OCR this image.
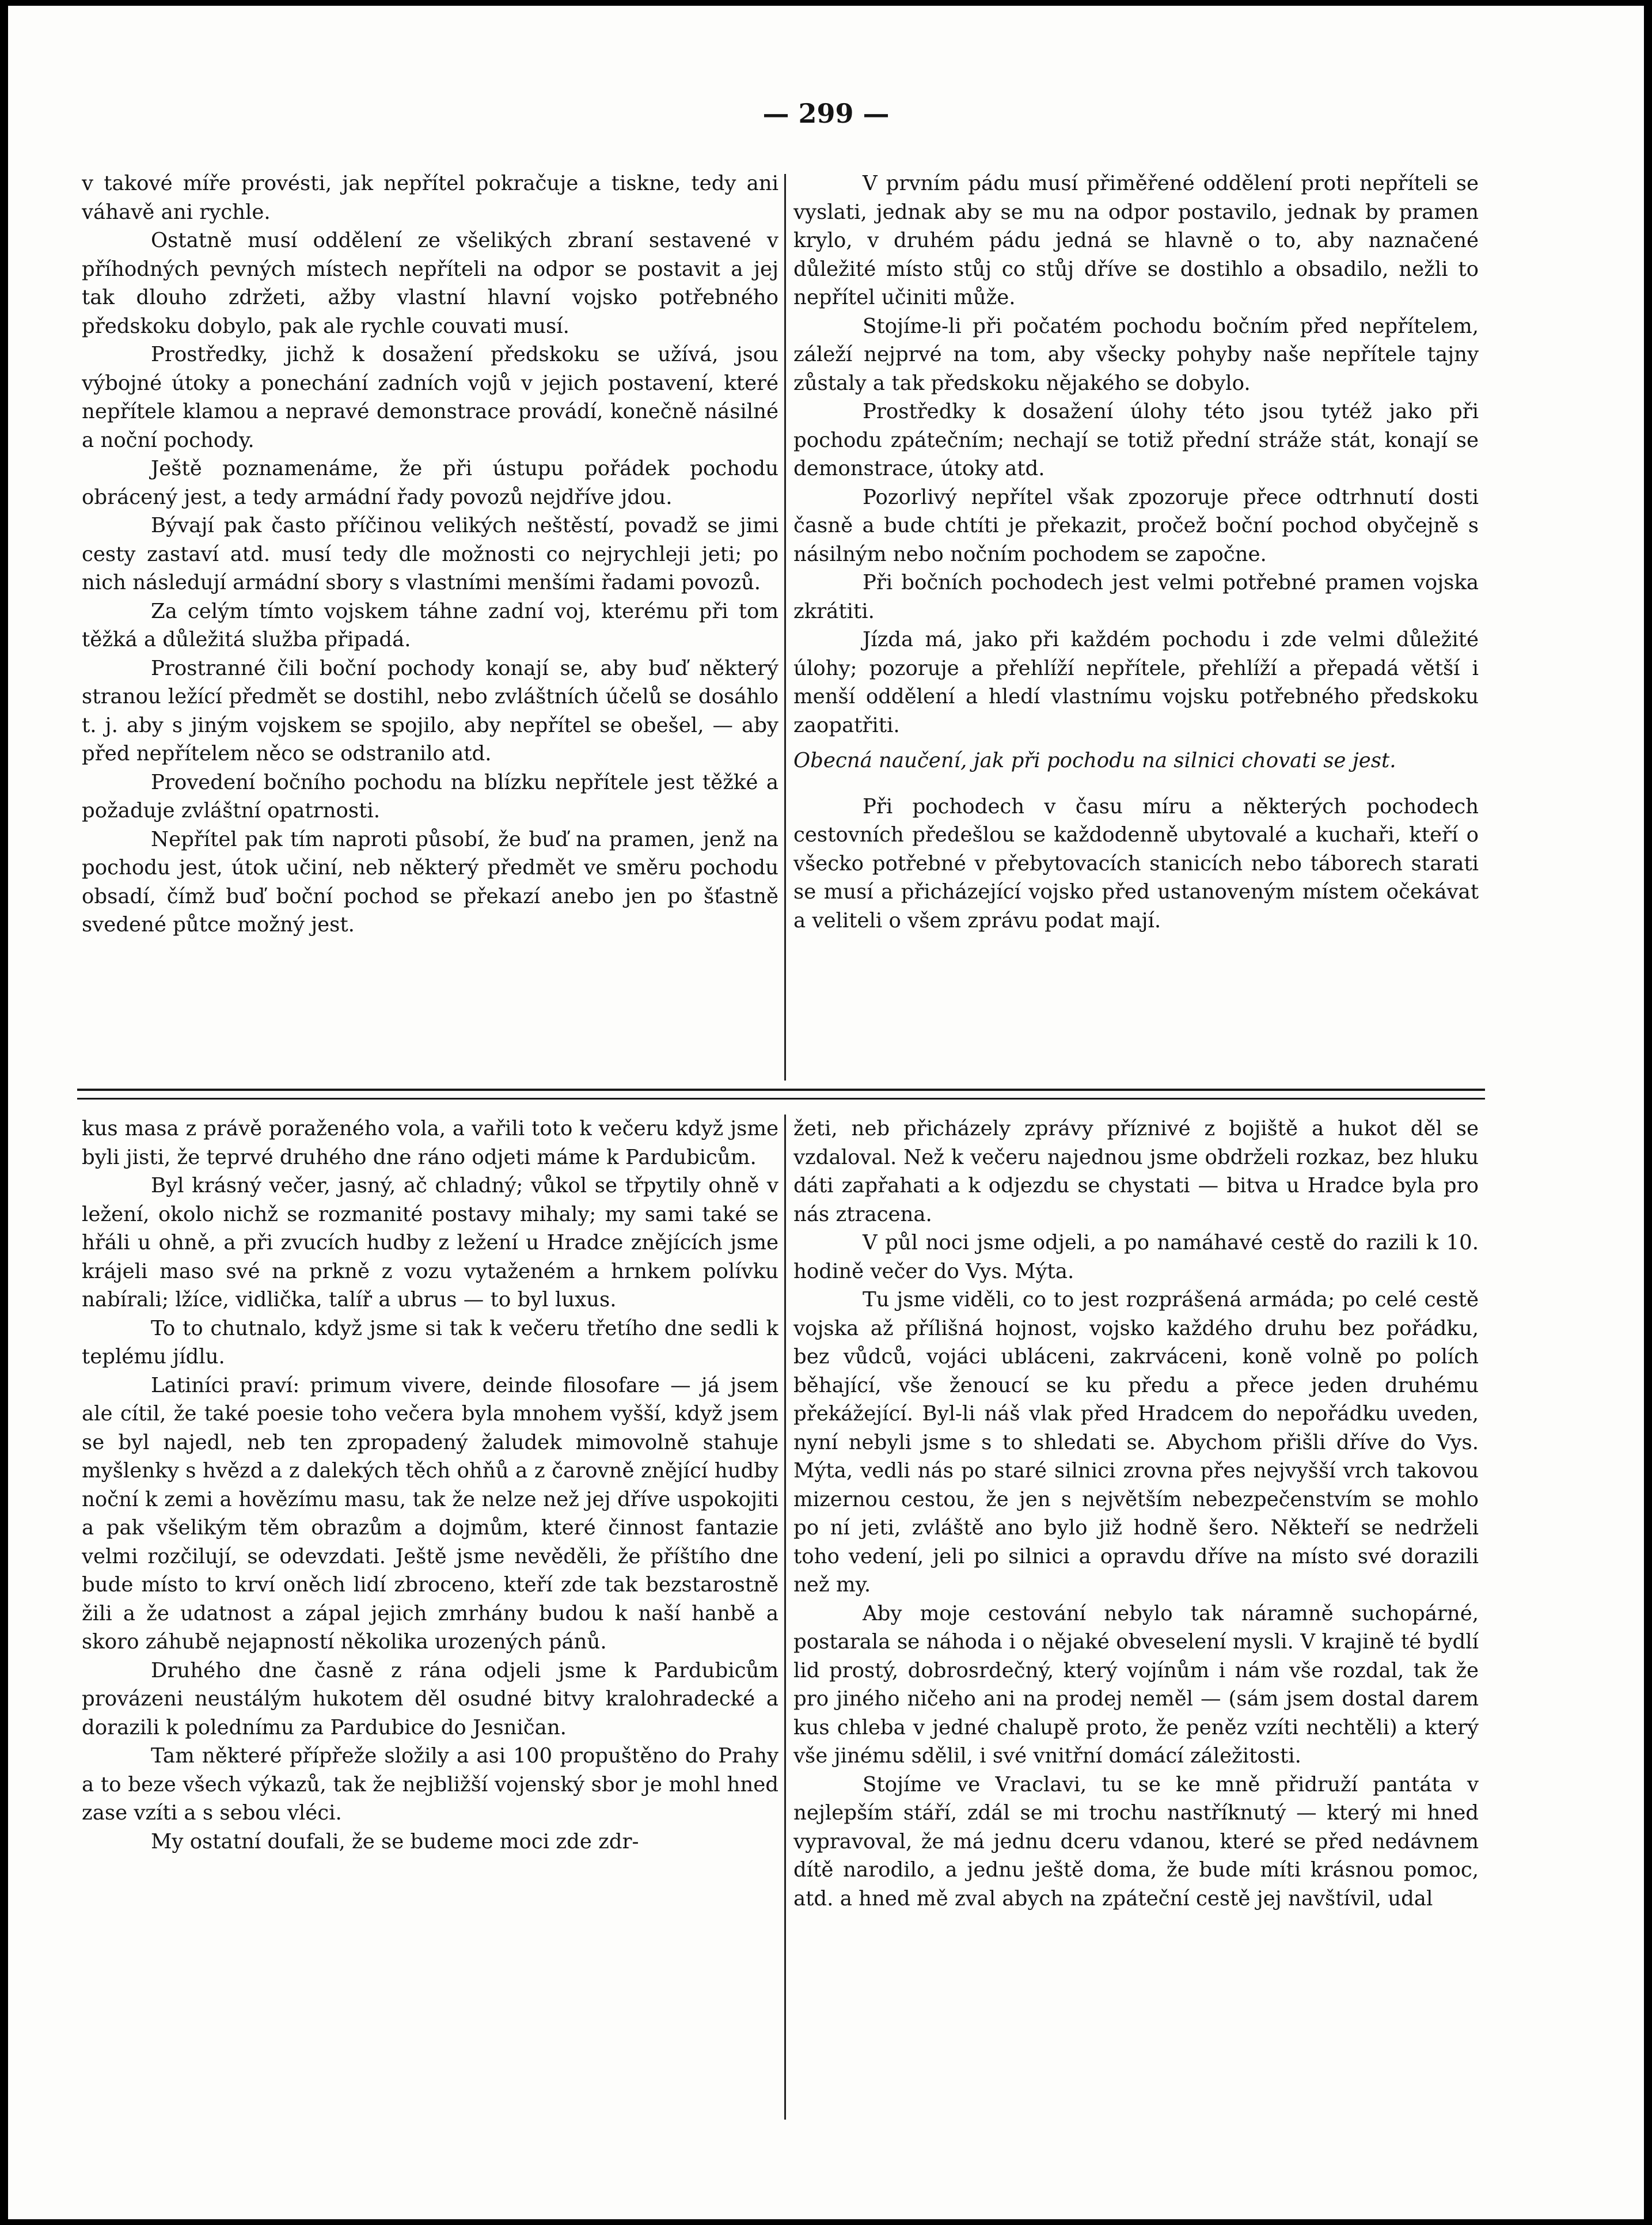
— 299 —

v takové míře provésti, jak nepřítel pokračuje a tiskne, tedy ani váhavě ani rychle.

Ostatně musí oddělení ze všelikých zbraní sestavené v příhodných pevných místech nepříteli na odpor se postavit a jej tak dlouho zdržeti, ažby vlastní hlavní vojsko potřebného předskoku dobylo, pak ale rychle couvati musí.

Prostředky, jichž k dosažení předskoku se užívá, jsou výbojné útoky a ponechání zadních vojů v jejich postavení, které nepřítele klamou a nepravé demonstrace provádí, konečně násilné a noční pochody.

Ještě poznamenáme, že při ústupu pořádek pochodu obrácený jest, a tedy armádní řady povozů nejdříve jdou.

Bývají pak často příčinou velikých neštěstí, povadž se jimi cesty zastaví atd. musí tedy dle možnosti co nejrychleji jeti; po nich následují armádní sbory s vlastními menšími řadami povozů.

Za celým tímto vojskem táhne zadní voj, kterému při tom těžká a důležitá služba připadá.

Prostranné čili boční pochody konají se, aby buď některý stranou ležící předmět se dostihl, nebo zvláštních účelů se dosáhlo t. j. aby s jiným vojskem se spojilo, aby nepřítel se obešel, — aby před nepřítelem něco se odstranilo atd.

Provedení bočního pochodu na blízku nepřítele jest těžké a požaduje zvláštní opatrnosti.

Nepřítel pak tím naproti působí, že buď na pramen, jenž na pochodu jest, útok učiní, neb některý předmět ve směru pochodu obsadí, čímž buď boční pochod se překazí anebo jen po šťastně svedené půtce možný jest.

V prvním pádu musí přiměřené oddělení proti nepříteli se vyslati, jednak aby se mu na odpor postavilo, jednak by pramen krylo, v druhém pádu jedná se hlavně o to, aby naznačené důležité místo stůj co stůj dříve se dostihlo a obsadilo, nežli to nepřítel učiniti může.

Stojíme-li při počatém pochodu bočním před nepřítelem, záleží nejprvé na tom, aby všecky pohyby naše nepřítele tajny zůstaly a tak předskoku nějakého se dobylo.

Prostředky k dosažení úlohy této jsou tytéž jako při pochodu zpátečním; nechají se totiž přední stráže stát, konají se demonstrace, útoky atd.

Pozorlivý nepřítel však zpozoruje přece odtrhnutí dosti časně a bude chtíti je překazit, pročež boční pochod obyčejně s násilným nebo nočním pochodem se započne.

Při bočních pochodech jest velmi potřebné pramen vojska zkrátiti.

Jízda má, jako při každém pochodu i zde velmi důležité úlohy; pozoruje a přehlíží nepřítele, přehlíží a přepadá větší i menší oddělení a hledí vlastnímu vojsku potřebného předskoku zaopatřiti.

Obecná naučení, jak při pochodu na silnici chovati se jest.

Při pochodech v času míru a některých pochodech cestovních předešlou se každodenně ubytovalé a kuchaři, kteří o všecko potřebné v přebytovacích stanicích nebo táborech starati se musí a přicházející vojsko před ustanoveným místem očekávat a veliteli o všem zprávu podat mají.

kus masa z právě poraženého vola, a vařili toto k večeru když jsme byli jisti, že teprvé druhého dne ráno odjeti máme k Pardubicům.

Byl krásný večer, jasný, ač chladný; vůkol se třpytily ohně v ležení, okolo nichž se rozmanité postavy mihaly; my sami také se hřáli u ohně, a při zvucích hudby z ležení u Hradce znějících jsme krájeli maso své na prkně z vozu vytaženém a hrnkem polívku nabírali; lžíce, vidlička, talíř a ubrus — to byl luxus.

To to chutnalo, když jsme si tak k večeru třetího dne sedli k teplému jídlu.

Latiníci praví: primum vivere, deinde filosofare — já jsem ale cítil, že také poesie toho večera byla mnohem vyšší, když jsem se byl najedl, neb ten zpropadený žaludek mimovolně stahuje myšlenky s hvězd a z dalekých těch ohňů a z čarovně znějící hudby noční k zemi a hovězímu masu, tak že nelze než jej dříve uspokojiti a pak všelikým těm obrazům a dojmům, které činnost fantazie velmi rozčilují, se odevzdati. Ještě jsme nevěděli, že příštího dne bude místo to krví oněch lidí zbroceno, kteří zde tak bezstarostně žili a že udatnost a zápal jejich zmrhány budou k naší hanbě a skoro záhubě nejapností několika urozených pánů.

Druhého dne časně z rána odjeli jsme k Pardubicům provázeni neustálým hukotem děl osudné bitvy kralohradecké a dorazili k polednímu za Pardubice do Jesničan.

Tam některé přípřeže složily a asi 100 propuštěno do Prahy a to beze všech výkazů, tak že nejbližší vojenský sbor je mohl hned zase vzíti a s sebou vléci.

My ostatní doufali, že se budeme moci zde zdr-

žeti, neb přicházely zprávy příznivé z bojiště a hukot děl se vzdaloval. Než k večeru najednou jsme obdrželi rozkaz, bez hluku dáti zapřahati a k odjezdu se chystati — bitva u Hradce byla pro nás ztracena.

V půl noci jsme odjeli, a po namáhavé cestě do razili k 10. hodině večer do Vys. Mýta.

Tu jsme viděli, co to jest rozprášená armáda; po celé cestě vojska až přílišná hojnost, vojsko každého druhu bez pořádku, bez vůdců, vojáci ubláceni, zakrváceni, koně volně po polích běhající, vše ženoucí se ku předu a přece jeden druhému překážející. Byl-li náš vlak před Hradcem do nepořádku uveden, nyní nebyli jsme s to shledati se. Abychom přišli dříve do Vys. Mýta, vedli nás po staré silnici zrovna přes nejvyšší vrch takovou mizernou cestou, že jen s největším nebezpečenstvím se mohlo po ní jeti, zvláště ano bylo již hodně šero. Někteří se nedrželi toho vedení, jeli po silnici a opravdu dříve na místo své dorazili než my.

Aby moje cestování nebylo tak náramně suchopárné, postarala se náhoda i o nějaké obveselení mysli. V krajině té bydlí lid prostý, dobrosrdečný, který vojínům i nám vše rozdal, tak že pro jiného ničeho ani na prodej neměl — (sám jsem dostal darem kus chleba v jedné chalupě proto, že peněz vzíti nechtěli) a který vše jinému sdělil, i své vnitřní domácí záležitosti.

Stojíme ve Vraclavi, tu se ke mně přidruží pantáta v nejlepším stáří, zdál se mi trochu nastříknutý — který mi hned vypravoval, že má jednu dceru vdanou, které se před nedávnem dítě narodilo, a jednu ještě doma, že bude míti krásnou pomoc, atd. a hned mě zval abych na zpáteční cestě jej navštívil, udal
